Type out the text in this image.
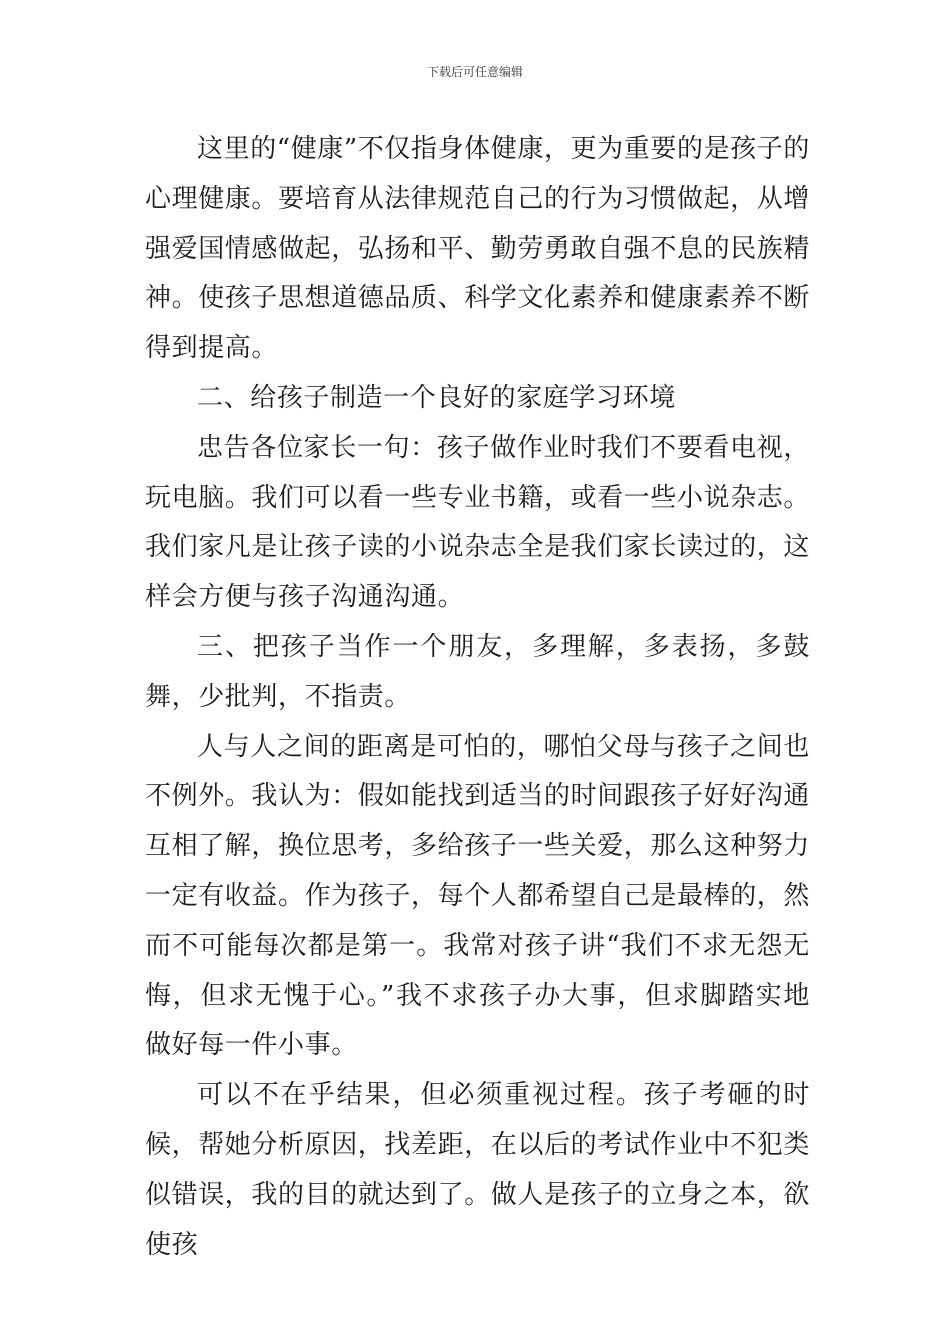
下载后可任意编辑

这里的“健康”不仅指身体健康，更为重要的是孩子的心理健康。要培育从法律规范自己的行为习惯做起，从增强爱国情感做起，弘扬和平、勤劳勇敢自强不息的民族精神。使孩子思想道德品质、科学文化素养和健康素养不断得到提高。

二、给孩子制造一个良好的家庭学习环境

忠告各位家长一句：孩子做作业时我们不要看电视，玩电脑。我们可以看一些专业书籍，或看一些小说杂志。我们家凡是让孩子读的小说杂志全是我们家长读过的，这样会方便与孩子沟通沟通。

三、把孩子当作一个朋友，多理解，多表扬，多鼓舞，少批判，不指责。

人与人之间的距离是可怕的，哪怕父母与孩子之间也不例外。我认为：假如能找到适当的时间跟孩子好好沟通互相了解，换位思考，多给孩子一些关爱，那么这种努力一定有收益。作为孩子，每个人都希望自己是最棒的，然而不可能每次都是第一。我常对孩子讲“我们不求无怨无悔，但求无愧于心。”我不求孩子办大事，但求脚踏实地做好每一件小事。

可以不在乎结果，但必须重视过程。孩子考砸的时候，帮她分析原因，找差距，在以后的考试作业中不犯类似错误，我的目的就达到了。做人是孩子的立身之本，欲使孩
